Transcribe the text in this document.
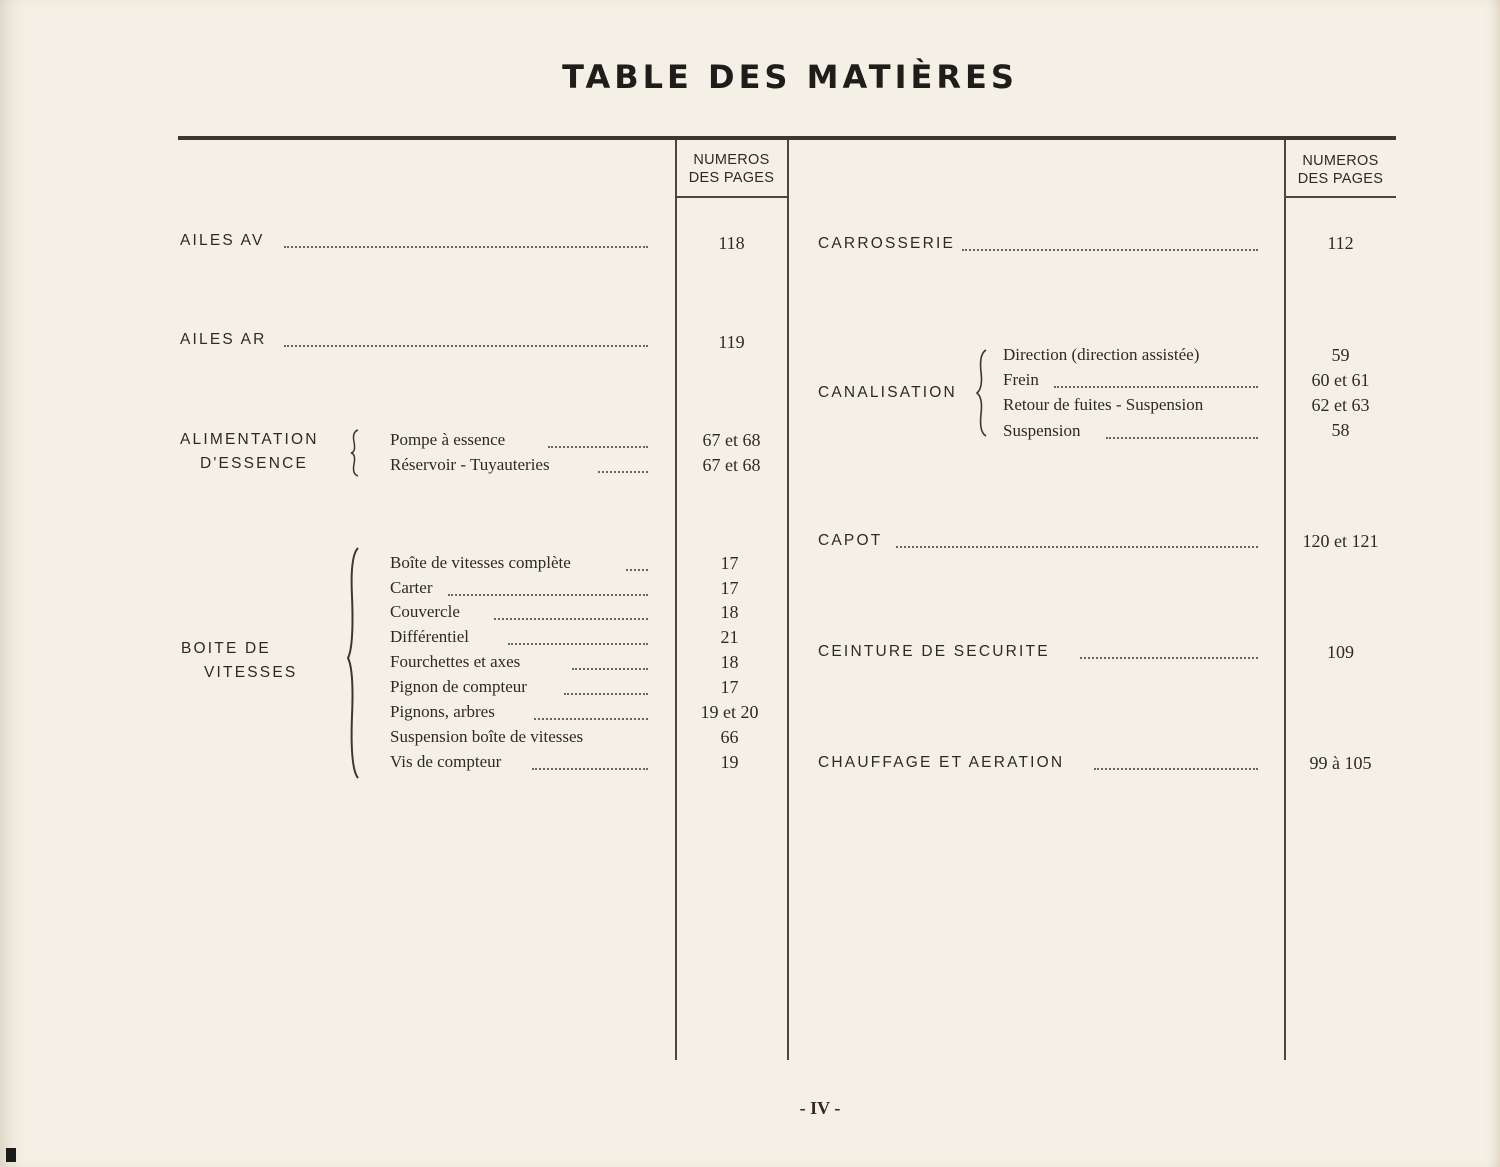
TABLE DES MATIÈRES
NUMEROS
DES PAGES
NUMEROS
DES PAGES
AILES AV	118
AILES AR	119
ALIMENTATION
D'ESSENCE
Pompe à essence	67 et 68
Réservoir - Tuyauteries	67 et 68
BOITE DE
VITESSES
Boîte de vitesses complète	17
Carter	17
Couvercle	18
Différentiel	21
Fourchettes et axes	18
Pignon de compteur	17
Pignons, arbres	19 et 20
Suspension boîte de vitesses	66
Vis de compteur	19
CARROSSERIE	112
CANALISATION
Direction (direction assistée)	59
Frein	60 et 61
Retour de fuites - Suspension	62 et 63
Suspension	58
CAPOT	120 et 121
CEINTURE DE SECURITE	109
CHAUFFAGE ET AERATION	99 à 105
- IV -
